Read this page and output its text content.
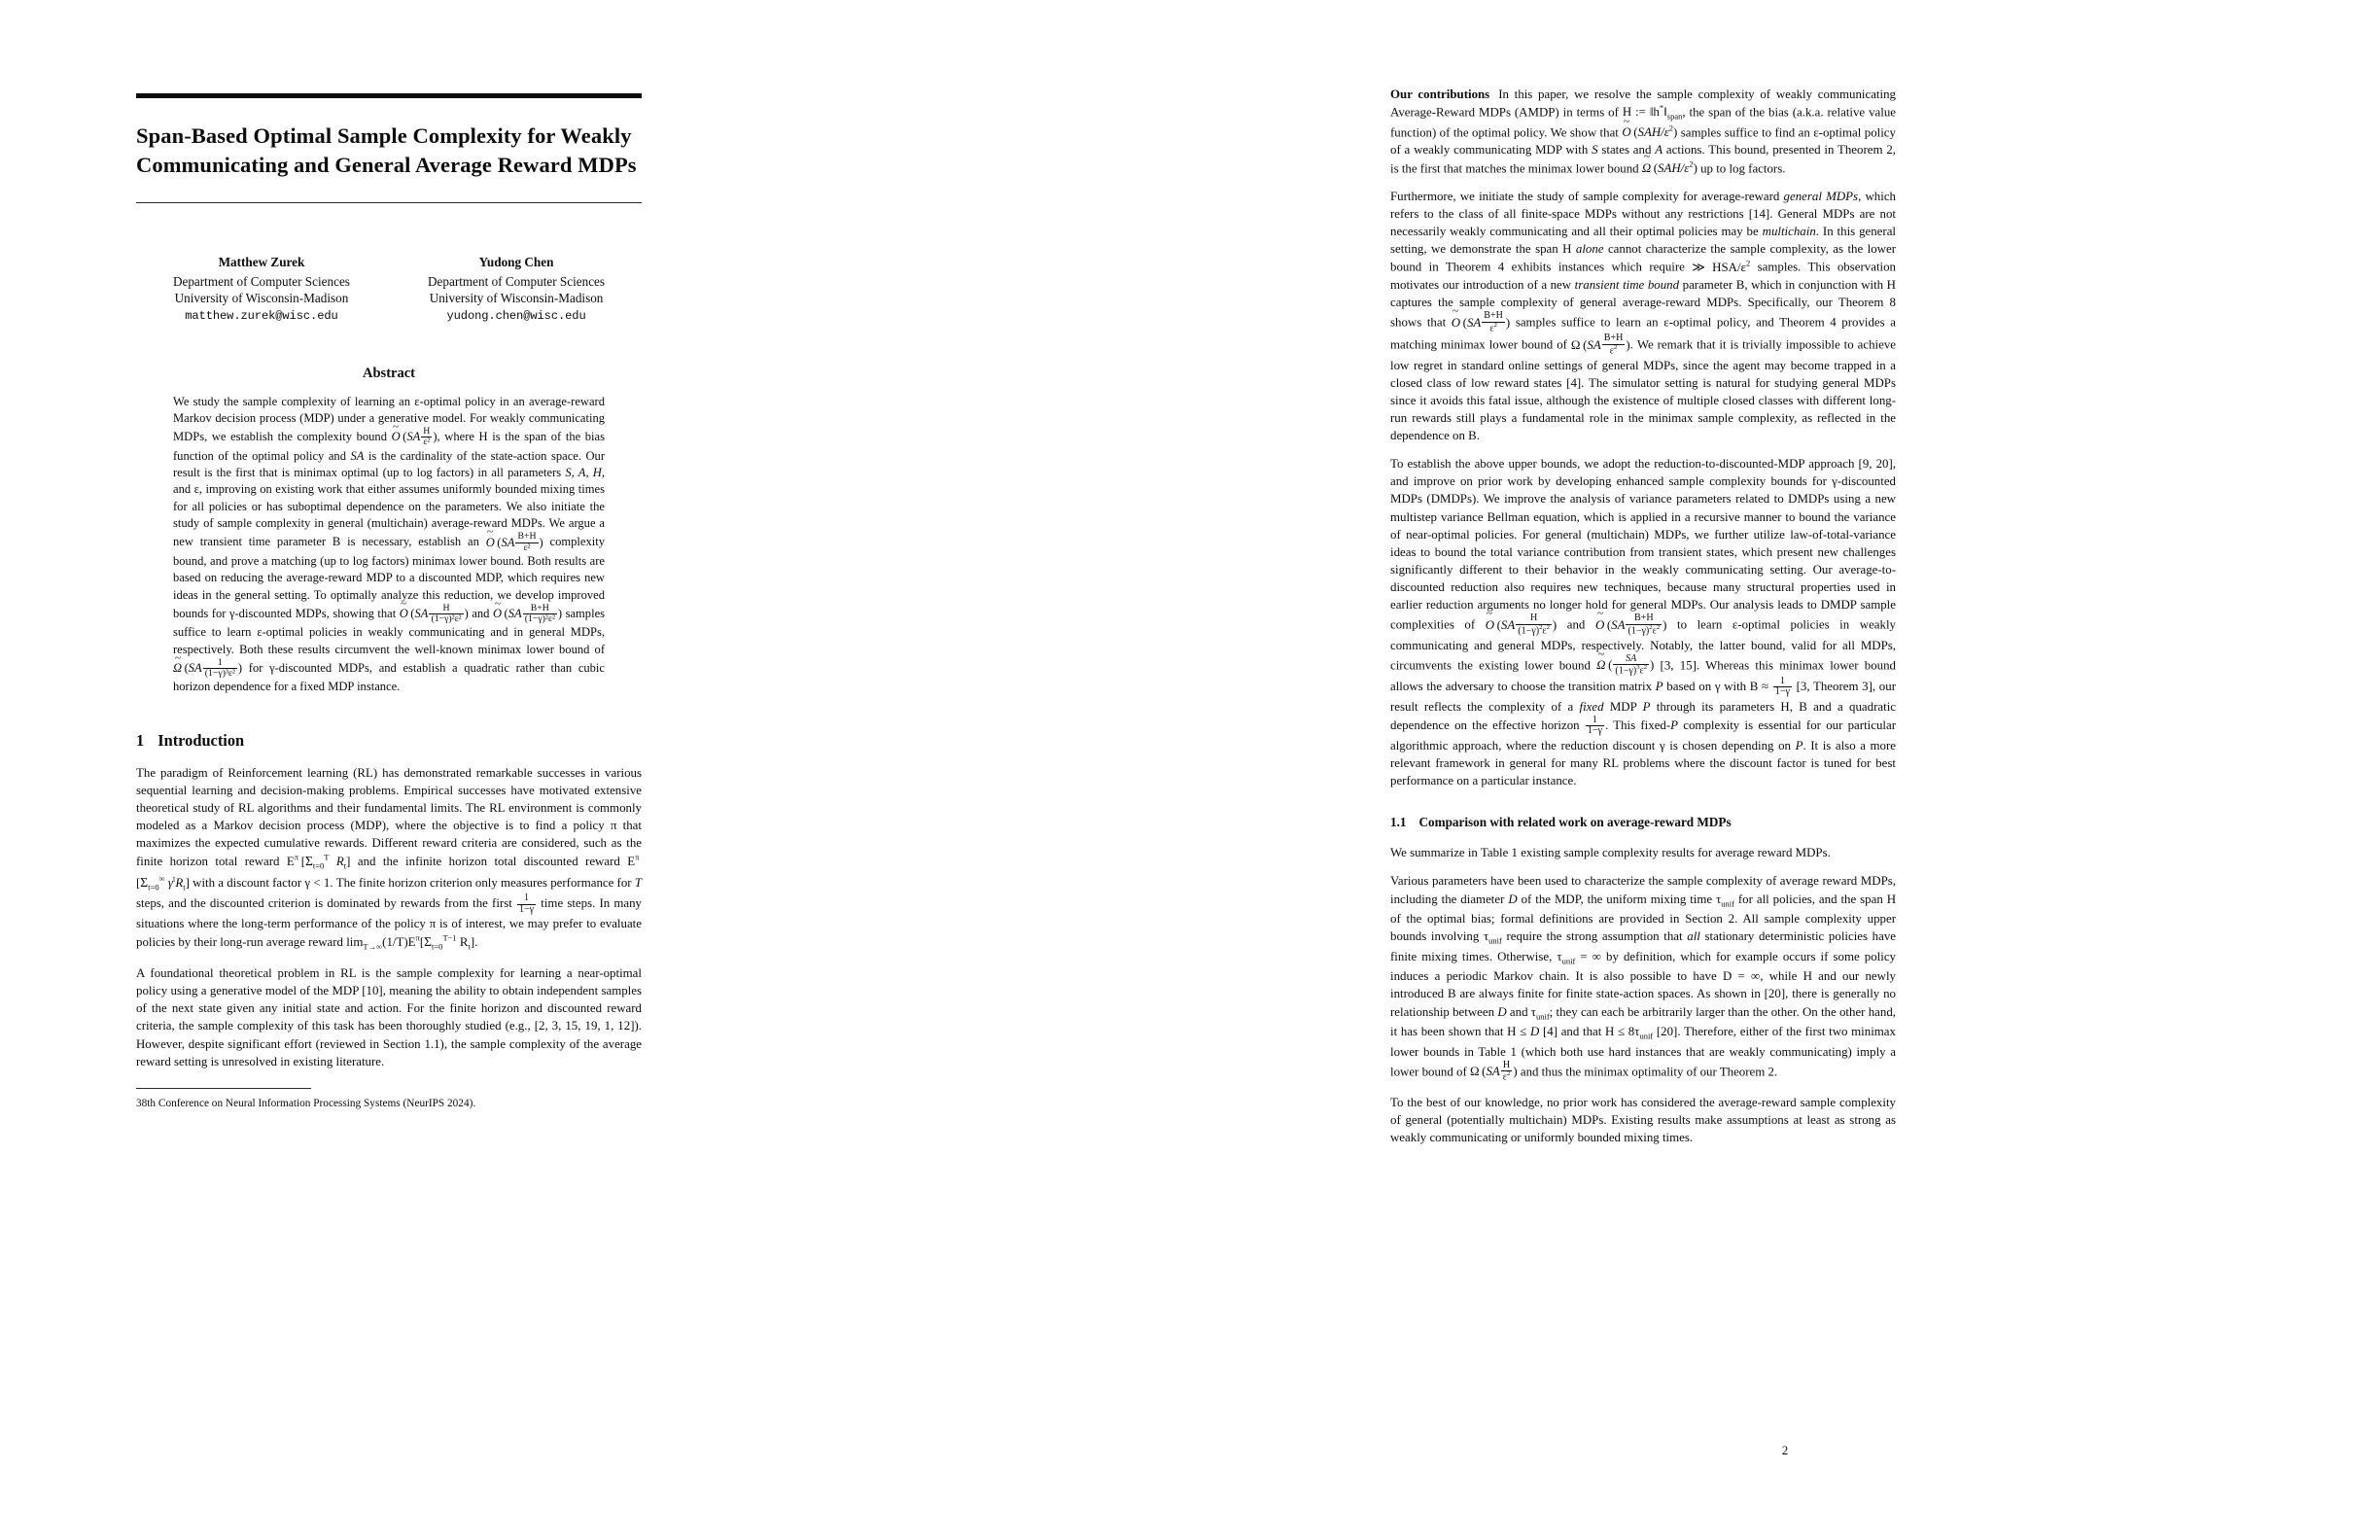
Span-Based Optimal Sample Complexity for Weakly
Communicating and General Average Reward MDPs
Matthew Zurek
Department of Computer Sciences
University of Wisconsin-Madison
matthew.zurek@wisc.edu
Yudong Chen
Department of Computer Sciences
University of Wisconsin-Madison
yudong.chen@wisc.edu
Abstract
We study the sample complexity of learning an ε-optimal policy in an average-reward Markov decision process (MDP) under a generative model. For weakly communicating MDPs, we establish the complexity bound ~ O ($SA \frac{H}{\text{ε²}}$ ), where H is the span of the bias function of the optimal policy and SA is the cardinality of the state-action space. Our result is the first that is minimax optimal (up to log factors) in all parameters S, A, H, and ε, improving on existing work that either assumes uniformly bounded mixing times for all policies or has suboptimal dependence on the parameters. We also initiate the study of sample complexity in general (multichain) average-reward MDPs. We argue a new transient time parameter B is necessary, establish an ~ O ($SA \frac{B+H}{\text{ε²}}$ ) complexity bound, and prove a matching (up to log factors) minimax lower bound. Both results are based on reducing the average-reward MDP to a discounted MDP, which requires new ideas in the general setting. To optimally analyze this reduction, we develop improved bounds for γ-discounted MDPs, showing that ~ O ($SA \frac{H}{\text{(1−γ)²ε²}}$ ) and ~ O ($SA \frac{B+H}{\text{(1−γ)²ε²}}$ ) samples suffice to learn ε-optimal policies in weakly communicating and in general MDPs, respectively. Both these results circumvent the well-known minimax lower bound of ~ Ω ($SA \frac{1}{\text{(1−γ)³ε²}}$ ) for γ-discounted MDPs, and establish a quadratic rather than cubic horizon dependence for a fixed MDP instance.
1 Introduction

The paradigm of Reinforcement learning (RL) has demonstrated remarkable successes in various sequential learning and decision-making problems. Empirical successes have motivated extensive theoretical study of RL algorithms and their fundamental limits. The RL environment is commonly modeled as a Markov decision process (MDP), where the objective is to find a policy π that maximizes the expected cumulative rewards. Different reward criteria are considered, such as the finite horizon total reward $E^\pi$  [$\Sigma_{t=0}^T$ $R_t$] and the infinite horizon total discounted reward $E^\pi$ [$\Sigma_{t=0}^\infty$ $\gamma^tR_t$] with a discount factor γ < 1. The finite horizon criterion only measures performance for T steps, and the discounted criterion is dominated by rewards from the first $\frac{1}{1-\gamma}$ time steps. In many situations where the long-term performance of the policy π is of interest, we may prefer to evaluate policies by their long-run average reward $\lim_{T\to\infty}(1/T)E^\pi[\Sigma_{t=0}^{T-1}$ $R_t$].

A foundational theoretical problem in RL is the sample complexity for learning a near-optimal policy using a generative model of the MDP [10], meaning the ability to obtain independent samples of the next state given any initial state and action. For the finite horizon and discounted reward criteria, the sample complexity of this task has been thoroughly studied (e.g., [2, 3, 15, 19, 1, 12]). However, despite significant effort (reviewed in Section 1.1), the sample complexity of the average reward setting is unresolved in existing literature.

38th Conference on Neural Information Processing Systems (NeurIPS 2024).

Our contributions In this paper, we resolve the sample complexity of weakly communicating Average-Reward MDPs (AMDP) in terms of H := $‖h^*‖_{span}$, the span of the bias (a.k.a. relative value function) of the optimal policy. We show that ~ O $(SAH/\varepsilon^2)$ samples suffice to find an ε-optimal policy of a weakly communicating MDP with S states and A actions. This bound, presented in Theorem 2, is the first that matches the minimax lower bound ~ Ω $(SAH/\varepsilon^2)$ up to log factors.

Furthermore, we initiate the study of sample complexity for average-reward general MDPs, which refers to the class of all finite-space MDPs without any restrictions [14]. General MDPs are not necessarily weakly communicating and all their optimal policies may be multichain. In this general setting, we demonstrate the span H alone cannot characterize the sample complexity, as the lower bound in Theorem 4 exhibits instances which require ≫ HSA/$\varepsilon^2$ samples. This observation motivates our introduction of a new transient time bound parameter B, which in conjunction with H captures the sample complexity of general average-reward MDPs. Specifically, our Theorem 8 shows that ~ O ($SA \frac{B+H}{\varepsilon^2}$ ) samples suffice to learn an ε-optimal policy, and Theorem 4 provides a matching minimax lower bound of Ω ($SA \frac{B+H}{\varepsilon^2}$ ). We remark that it is trivially impossible to achieve low regret in standard online settings of general MDPs, since the agent may become trapped in a closed class of low reward states [4]. The simulator setting is natural for studying general MDPs since it avoids this fatal issue, although the existence of multiple closed classes with different long-run rewards still plays a fundamental role in the minimax sample complexity, as reflected in the dependence on B.

To establish the above upper bounds, we adopt the reduction-to-discounted-MDP approach [9, 20], and improve on prior work by developing enhanced sample complexity bounds for γ-discounted MDPs (DMDPs). We improve the analysis of variance parameters related to DMDPs using a new multistep variance Bellman equation, which is applied in a recursive manner to bound the variance of near-optimal policies. For general (multichain) MDPs, we further utilize law-of-total-variance ideas to bound the total variance contribution from transient states, which present new challenges significantly different to their behavior in the weakly communicating setting. Our average-to-discounted reduction also requires new techniques, because many structural properties used in earlier reduction arguments no longer hold for general MDPs. Our analysis leads to DMDP sample complexities of ~ O ($SA \frac{H}{(1-\gamma)^2\varepsilon^2}$ ) and ~ O ($SA \frac{B+H}{(1-\gamma)^2\varepsilon^2}$ ) to learn ε-optimal policies in weakly communicating and general MDPs, respectively. Notably, the latter bound, valid for all MDPs, circumvents the existing lower bound ~ Ω ( $\frac{SA}{(1-\gamma)^3\varepsilon^2}$ ) [3, 15]. Whereas this minimax lower bound allows the adversary to choose the transition matrix P based on γ with $B \approx \frac{1}{1-\gamma} [3$, Theorem 3], our result reflects the complexity of a fixed MDP P through its parameters H, B and a quadratic dependence on the effective horizon $\frac{1}{1-\gamma}$ . This fixed-P complexity is essential for our particular algorithmic approach, where the reduction discount γ is chosen depending on P. It is also a more relevant framework in general for many RL problems where the discount factor is tuned for best performance on a particular instance.

1.1 Comparison with related work on average-reward MDPs

We summarize in Table 1 existing sample complexity results for average reward MDPs.

Various parameters have been used to characterize the sample complexity of average reward MDPs, including the diameter D of the MDP, the uniform mixing time $\tau_{unif}$ for all policies, and the span H of the optimal bias; formal definitions are provided in Section 2. All sample complexity upper bounds involving $\tau_{unif}$ require the strong assumption that all stationary deterministic policies have finite mixing times. Otherwise, $\tau_{unif}$ = ∞ by definition, which for example occurs if some policy induces a periodic Markov chain. It is also possible to have D = ∞, while H and our newly introduced B are always finite for finite state-action spaces. As shown in [20], there is generally no relationship between D and $\tau_{unif}$; they can each be arbitrarily larger than the other. On the other hand, it has been shown that H ≤ D [4] and that $H \le 8\tau_{unif}$ [20]. Therefore, either of the first two minimax lower bounds in Table 1 (which both use hard instances that are weakly communicating) imply a lower bound of Ω ($SA \frac{H}{\varepsilon^2}$ ) and thus the minimax optimality of our Theorem 2.

To the best of our knowledge, no prior work has considered the average-reward sample complexity of general (potentially multichain) MDPs. Existing results make assumptions at least as strong as weakly communicating or uniformly bounded mixing times.

2
